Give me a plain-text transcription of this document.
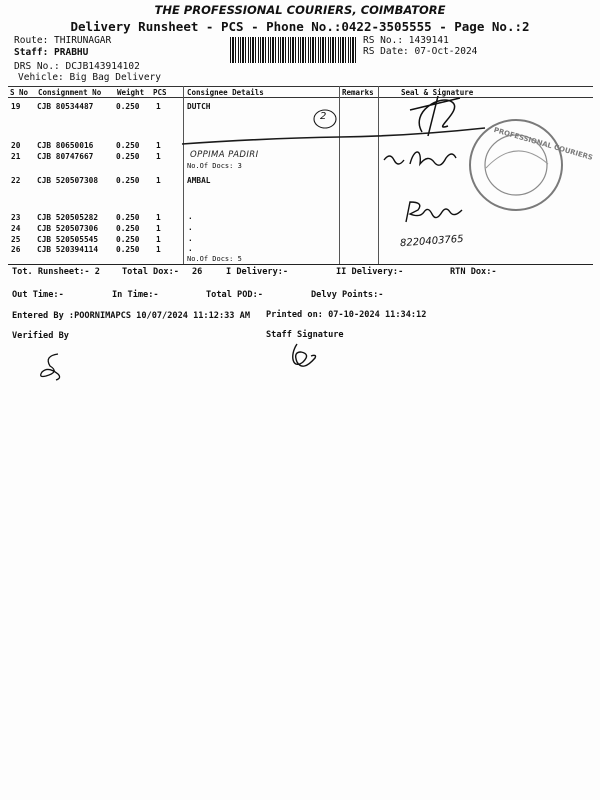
THE PROFESSIONAL COURIERS, COIMBATORE
Delivery Runsheet - PCS - Phone No.:0422-3505555 - Page No.:2
Route: THIRUNAGAR
Staff: PRABHU
DRS No.: DCJB143914102
Vehicle: Big Bag Delivery
RS No.: 1439141
RS Date: 07-Oct-2024
S No Consignment No Weight PCS	Consignee Details	Remarks	Seal & Signature
19 CJB 80534487	0.250 1	DUTCH
20 CJB 80650016	0.250 1
21 CJB 80747667	0.250 1
No.Of Docs: 3
22 CJB 520507308 0.250 1	AMBAL
23 CJB 520505282 0.250 1	.
24 CJB 520507306 0.250 1	.
25 CJB 520505545 0.250 1	.
26 CJB 520394114 0.250 1	.
No.Of Docs: 5
2
OPPIMA PADIRI	PROFESSIONAL COURIERS
8220403765
Tot. Runsheet:- 2	Total Dox:- 26	I Delivery:-	II Delivery:-	RTN Dox:-
Out Time:-	In Time:-	Total POD:-	Delvy Points:-
Entered By :POORNIMAPCS 10/07/2024 11:12:33 AM Printed on: 07-10-2024 11:34:12
Verified By	Staff Signature
